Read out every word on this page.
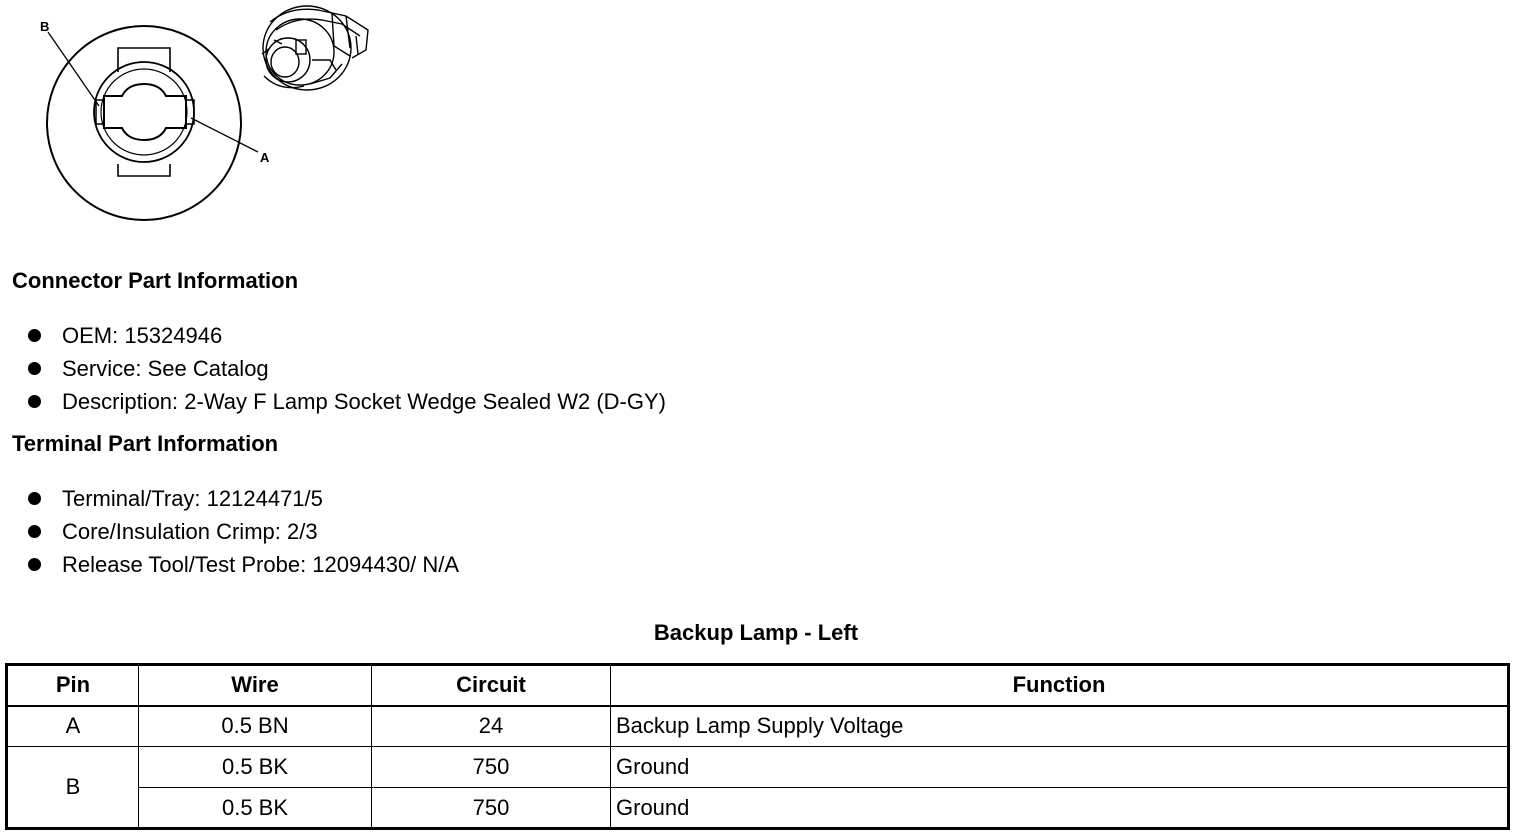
B
A
Connector Part Information
OEM: 15324946
Service: See Catalog
Description: 2-Way F Lamp Socket Wedge Sealed W2 (D-GY)
Terminal Part Information
Terminal/Tray: 12124471/5
Core/Insulation Crimp: 2/3
Release Tool/Test Probe: 12094430/ N/A
Backup Lamp - Left
Pin	Wire	Circuit	Function
A	0.5 BN	24	Backup Lamp Supply Voltage
B	0.5 BK	750	Ground
	0.5 BK	750	Ground
